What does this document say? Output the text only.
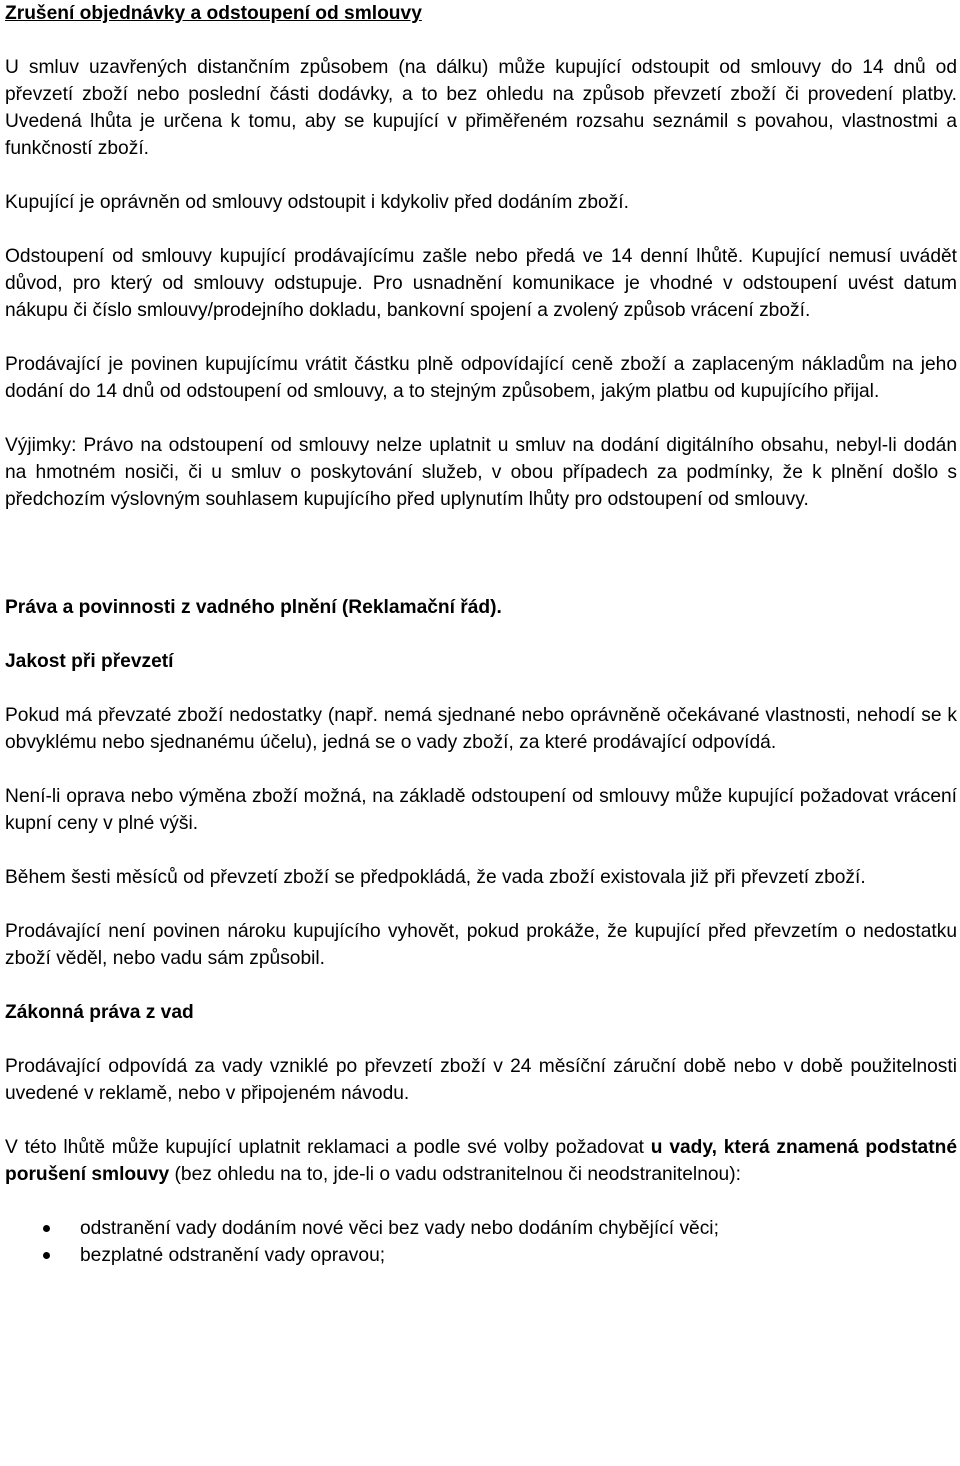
Zrušení objednávky a odstoupení od smlouvy

U smluv uzavřených distančním způsobem (na dálku) může kupující odstoupit od smlouvy do 14 dnů od převzetí zboží nebo poslední části dodávky, a to bez ohledu na způsob převzetí zboží či provedení platby. Uvedená lhůta je určena k tomu, aby se kupující v přiměřeném rozsahu seznámil s povahou, vlastnostmi a funkčností zboží.

Kupující je oprávněn od smlouvy odstoupit i kdykoliv před dodáním zboží.

Odstoupení od smlouvy kupující prodávajícímu zašle nebo předá ve 14 denní lhůtě. Kupující nemusí uvádět důvod, pro který od smlouvy odstupuje. Pro usnadnění komunikace je vhodné v odstoupení uvést datum nákupu či číslo smlouvy/prodejního dokladu, bankovní spojení a zvolený způsob vrácení zboží.

Prodávající je povinen kupujícímu vrátit částku plně odpovídající ceně zboží a zaplaceným nákladům na jeho dodání do 14 dnů od odstoupení od smlouvy, a to stejným způsobem, jakým platbu od kupujícího přijal.

Výjimky: Právo na odstoupení od smlouvy nelze uplatnit u smluv na dodání digitálního obsahu, nebyl-li dodán na hmotném nosiči, či u smluv o poskytování služeb, v obou případech za podmínky, že k plnění došlo s předchozím výslovným souhlasem kupujícího před uplynutím lhůty pro odstoupení od smlouvy.

Práva a povinnosti z vadného plnění (Reklamační řád).
Jakost při převzetí

Pokud má převzaté zboží nedostatky (např. nemá sjednané nebo oprávněně očekávané vlastnosti, nehodí se k obvyklému nebo sjednanému účelu), jedná se o vady zboží, za které prodávající odpovídá.

Není-li oprava nebo výměna zboží možná, na základě odstoupení od smlouvy může kupující požadovat vrácení kupní ceny v plné výši.

Během šesti měsíců od převzetí zboží se předpokládá, že vada zboží existovala již při převzetí zboží.

Prodávající není povinen nároku kupujícího vyhovět, pokud prokáže, že kupující před převzetím o nedostatku zboží věděl, nebo vadu sám způsobil.

Zákonná práva z vad

Prodávající odpovídá za vady vzniklé po převzetí zboží v 24 měsíční záruční době nebo v době použitelnosti uvedené v reklamě, nebo v připojeném návodu.

V této lhůtě může kupující uplatnit reklamaci a podle své volby požadovat u vady, která znamená podstatné porušení smlouvy (bez ohledu na to, jde-li o vadu odstranitelnou či neodstranitelnou):

odstranění vady dodáním nové věci bez vady nebo dodáním chybějící věci;
bezplatné odstranění vady opravou;
